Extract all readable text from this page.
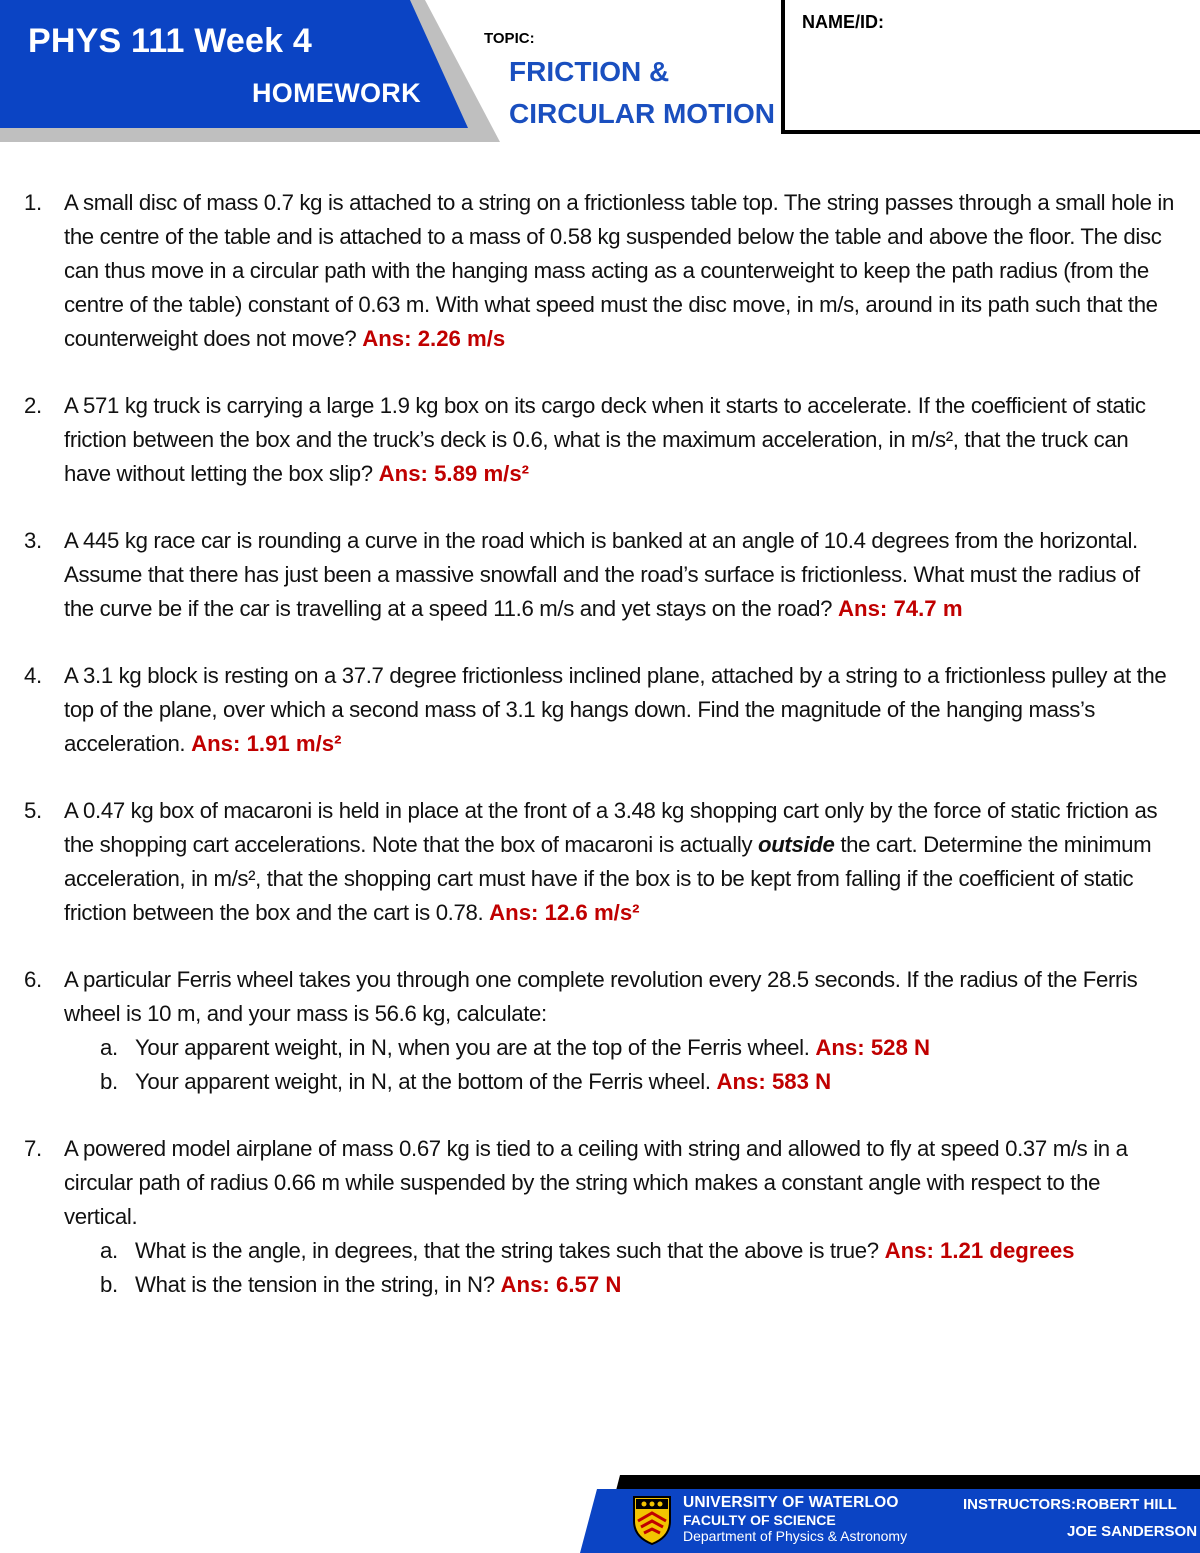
PHYS 111 Week 4
HOMEWORK
TOPIC:
FRICTION &
CIRCULAR MOTION
NAME/ID:
1. A small disc of mass 0.7 kg is attached to a string on a frictionless table top. The string passes through a small hole in the centre of the table and is attached to a mass of 0.58 kg suspended below the table and above the floor. The disc can thus move in a circular path with the hanging mass acting as a counterweight to keep the path radius (from the centre of the table) constant of 0.63 m. With what speed must the disc move, in m/s, around in its path such that the counterweight does not move? Ans: 2.26 m/s
2. A 571 kg truck is carrying a large 1.9 kg box on its cargo deck when it starts to accelerate. If the coefficient of static friction between the box and the truck’s deck is 0.6, what is the maximum acceleration, in m/s², that the truck can have without letting the box slip? Ans: 5.89 m/s²
3. A 445 kg race car is rounding a curve in the road which is banked at an angle of 10.4 degrees from the horizontal. Assume that there has just been a massive snowfall and the road’s surface is frictionless. What must the radius of the curve be if the car is travelling at a speed 11.6 m/s and yet stays on the road? Ans: 74.7 m
4. A 3.1 kg block is resting on a 37.7 degree frictionless inclined plane, attached by a string to a frictionless pulley at the top of the plane, over which a second mass of 3.1 kg hangs down. Find the magnitude of the hanging mass’s acceleration. Ans: 1.91 m/s²
5. A 0.47 kg box of macaroni is held in place at the front of a 3.48 kg shopping cart only by the force of static friction as the shopping cart accelerations. Note that the box of macaroni is actually outside the cart. Determine the minimum acceleration, in m/s², that the shopping cart must have if the box is to be kept from falling if the coefficient of static friction between the box and the cart is 0.78. Ans: 12.6 m/s²
6. A particular Ferris wheel takes you through one complete revolution every 28.5 seconds. If the radius of the Ferris wheel is 10 m, and your mass is 56.6 kg, calculate:
a. Your apparent weight, in N, when you are at the top of the Ferris wheel. Ans: 528 N
b. Your apparent weight, in N, at the bottom of the Ferris wheel. Ans: 583 N
7. A powered model airplane of mass 0.67 kg is tied to a ceiling with string and allowed to fly at speed 0.37 m/s in a circular path of radius 0.66 m while suspended by the string which makes a constant angle with respect to the vertical.
a. What is the angle, in degrees, that the string takes such that the above is true? Ans: 1.21 degrees
b. What is the tension in the string, in N? Ans: 6.57 N
UNIVERSITY OF WATERLOO
FACULTY OF SCIENCE
Department of Physics & Astronomy
INSTRUCTORS: ROBERT HILL
JOE SANDERSON
